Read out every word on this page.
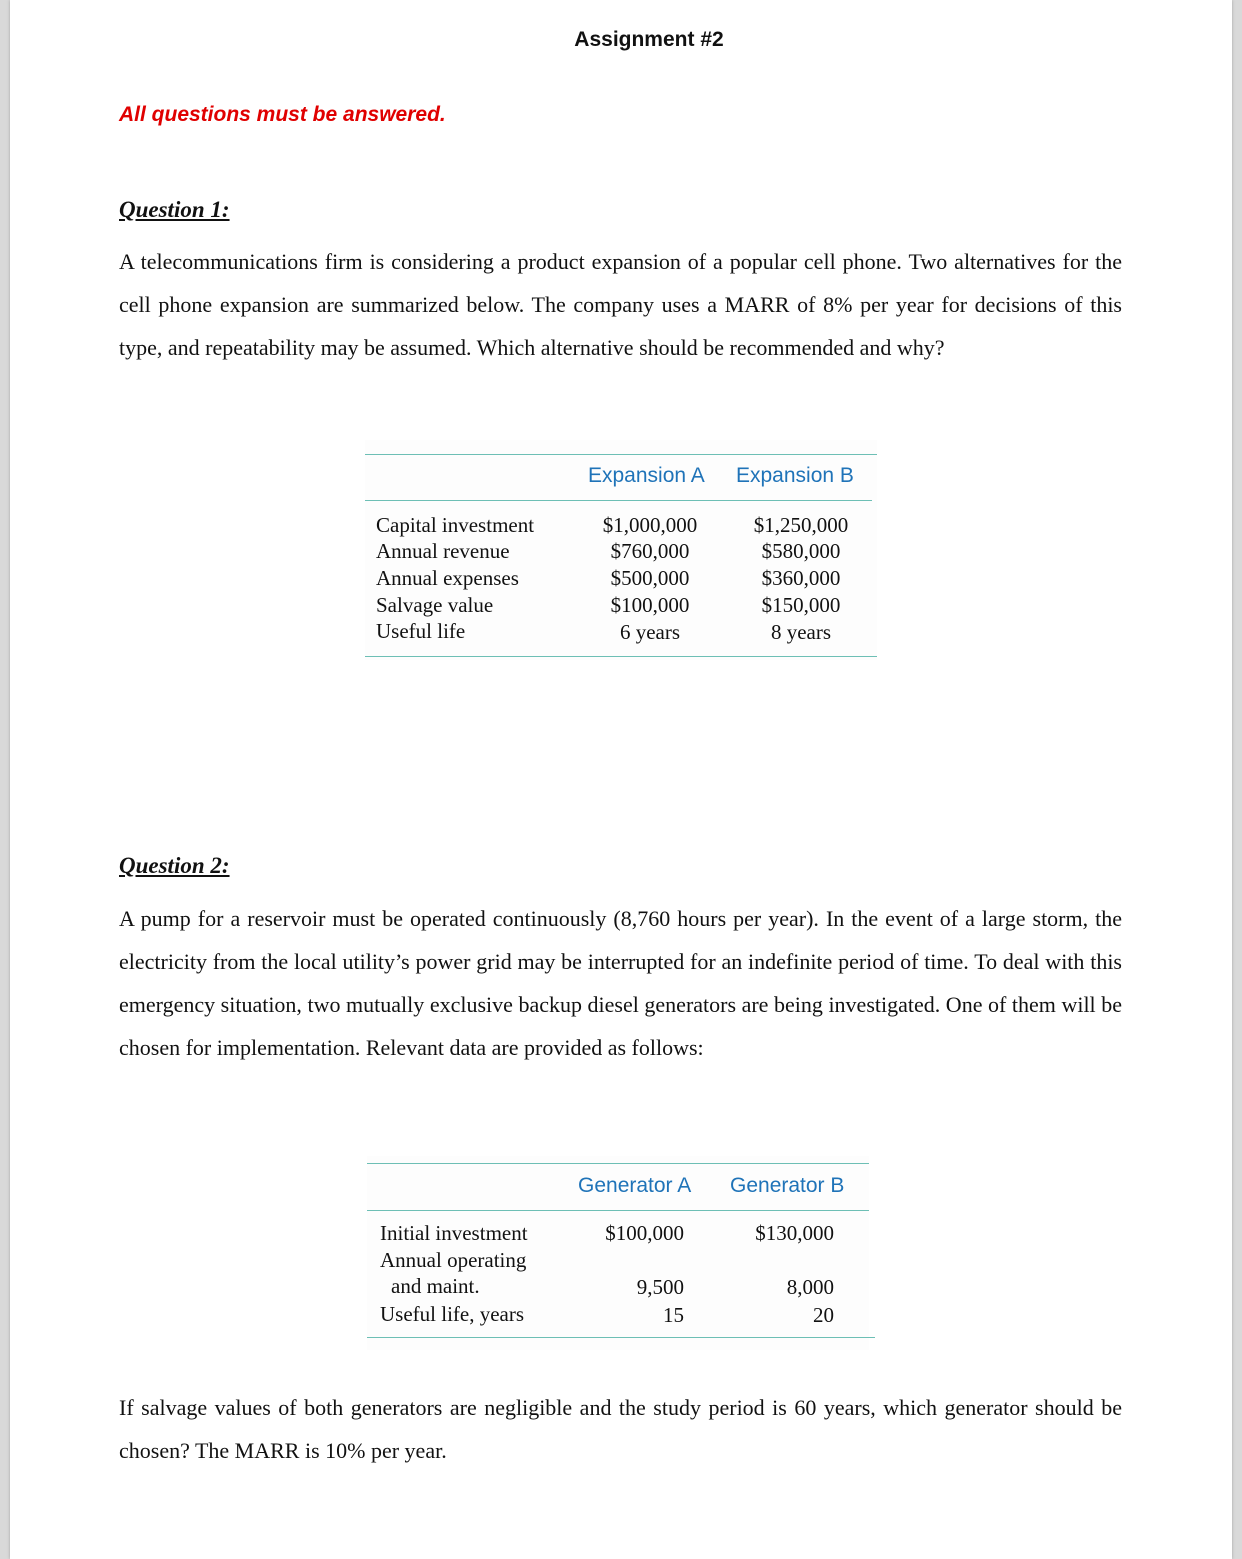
Assignment #2
All questions must be answered.
Question 1:
A telecommunications firm is considering a product expansion of a popular cell phone. Two alternatives for the cell phone expansion are summarized below. The company uses a MARR of 8% per year for decisions of this type, and repeatability may be assumed. Which alternative should be recommended and why?
Expansion A Expansion B
Capital investment	$1,000,000	$1,250,000
Annual revenue	$760,000	$580,000
Annual expenses	$500,000	$360,000
Salvage value	$100,000	$150,000
Useful life	6 years	8 years
Question 2:
A pump for a reservoir must be operated continuously (8,760 hours per year). In the event of a large storm, the electricity from the local utility’s power grid may be interrupted for an indefinite period of time. To deal with this emergency situation, two mutually exclusive backup diesel generators are being investigated. One of them will be chosen for implementation. Relevant data are provided as follows:
Generator A Generator B
Initial investment	$100,000	$130,000
Annual operating
and maint.	9,500	8,000
Useful life, years	15	20
If salvage values of both generators are negligible and the study period is 60 years, which generator should be chosen? The MARR is 10% per year.
